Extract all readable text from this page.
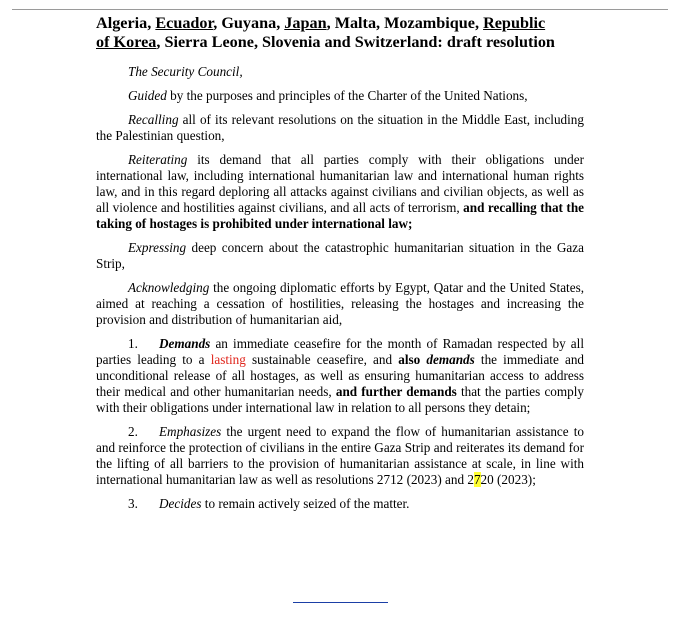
Algeria, Ecuador, Guyana, Japan, Malta, Mozambique, Republic
of Korea, Sierra Leone, Slovenia and Switzerland: draft resolution

The Security Council,

Guided by the purposes and principles of the Charter of the United Nations,

Recalling all of its relevant resolutions on the situation in the Middle East, including the Palestinian question,

Reiterating its demand that all parties comply with their obligations under international law, including international humanitarian law and international human rights law, and in this regard deploring all attacks against civilians and civilian objects, as well as all violence and hostilities against civilians, and all acts of terrorism, and recalling that the taking of hostages is prohibited under international law;

Expressing deep concern about the catastrophic humanitarian situation in the Gaza Strip,

Acknowledging the ongoing diplomatic efforts by Egypt, Qatar and the United States, aimed at reaching a cessation of hostilities, releasing the hostages and increasing the provision and distribution of humanitarian aid,

1. Demands an immediate ceasefire for the month of Ramadan respected by all parties leading to a lasting sustainable ceasefire, and also demands the immediate and unconditional release of all hostages, as well as ensuring humanitarian access to address their medical and other humanitarian needs, and further demands that the parties comply with their obligations under international law in relation to all persons they detain;

2. Emphasizes the urgent need to expand the flow of humanitarian assistance to and reinforce the protection of civilians in the entire Gaza Strip and reiterates its demand for the lifting of all barriers to the provision of humanitarian assistance at scale, in line with international humanitarian law as well as resolutions 2712 (2023) and 2720 (2023);

3. Decides to remain actively seized of the matter.
